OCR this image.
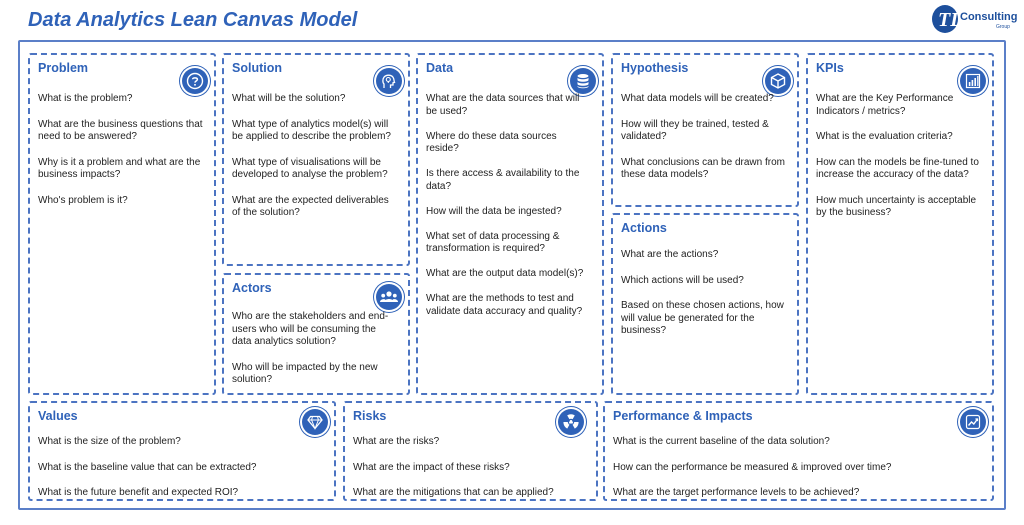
Data Analytics Lean Canvas Model	TL
Consulting
Group
Problem
What is the problem?
What are the business questions that need to be answered?
Why is it a problem and what are the business impacts?
Who's problem is it?
Solution
What will be the solution?
What type of analytics model(s) will be applied to describe the problem?
What type of visualisations will be developed to analyse the problem?
What are the expected deliverables of the solution?
Actors
Who are the stakeholders and end-users who will be consuming the data analytics solution?
Who will be impacted by the new solution?
Data
What are the data sources that will be used?
Where do these data sources reside?
Is there access & availability to the data?
How will the data be ingested?
What set of data processing & transformation is required?
What are the output data model(s)?
What are the methods to test and validate data accuracy and quality?
Hypothesis
What data models will be created?
How will they be trained, tested & validated?
What conclusions can be drawn from these data models?
Actions
What are the actions?
Which actions will be used?
Based on these chosen actions, how will value be generated for the business?
KPIs
What are the Key Performance Indicators / metrics?
What is the evaluation criteria?
How can the models be fine-tuned to increase the accuracy of the data?
How much uncertainty is acceptable by the business?
Values
What is the size of the problem?
What is the baseline value that can be extracted?
What is the future benefit and expected ROI?
Risks
What are the risks?
What are the impact of these risks?
What are the mitigations that can be applied?
Performance & Impacts
What is the current baseline of the data solution?
How can the performance be measured & improved over time?
What are the target performance levels to be achieved?
